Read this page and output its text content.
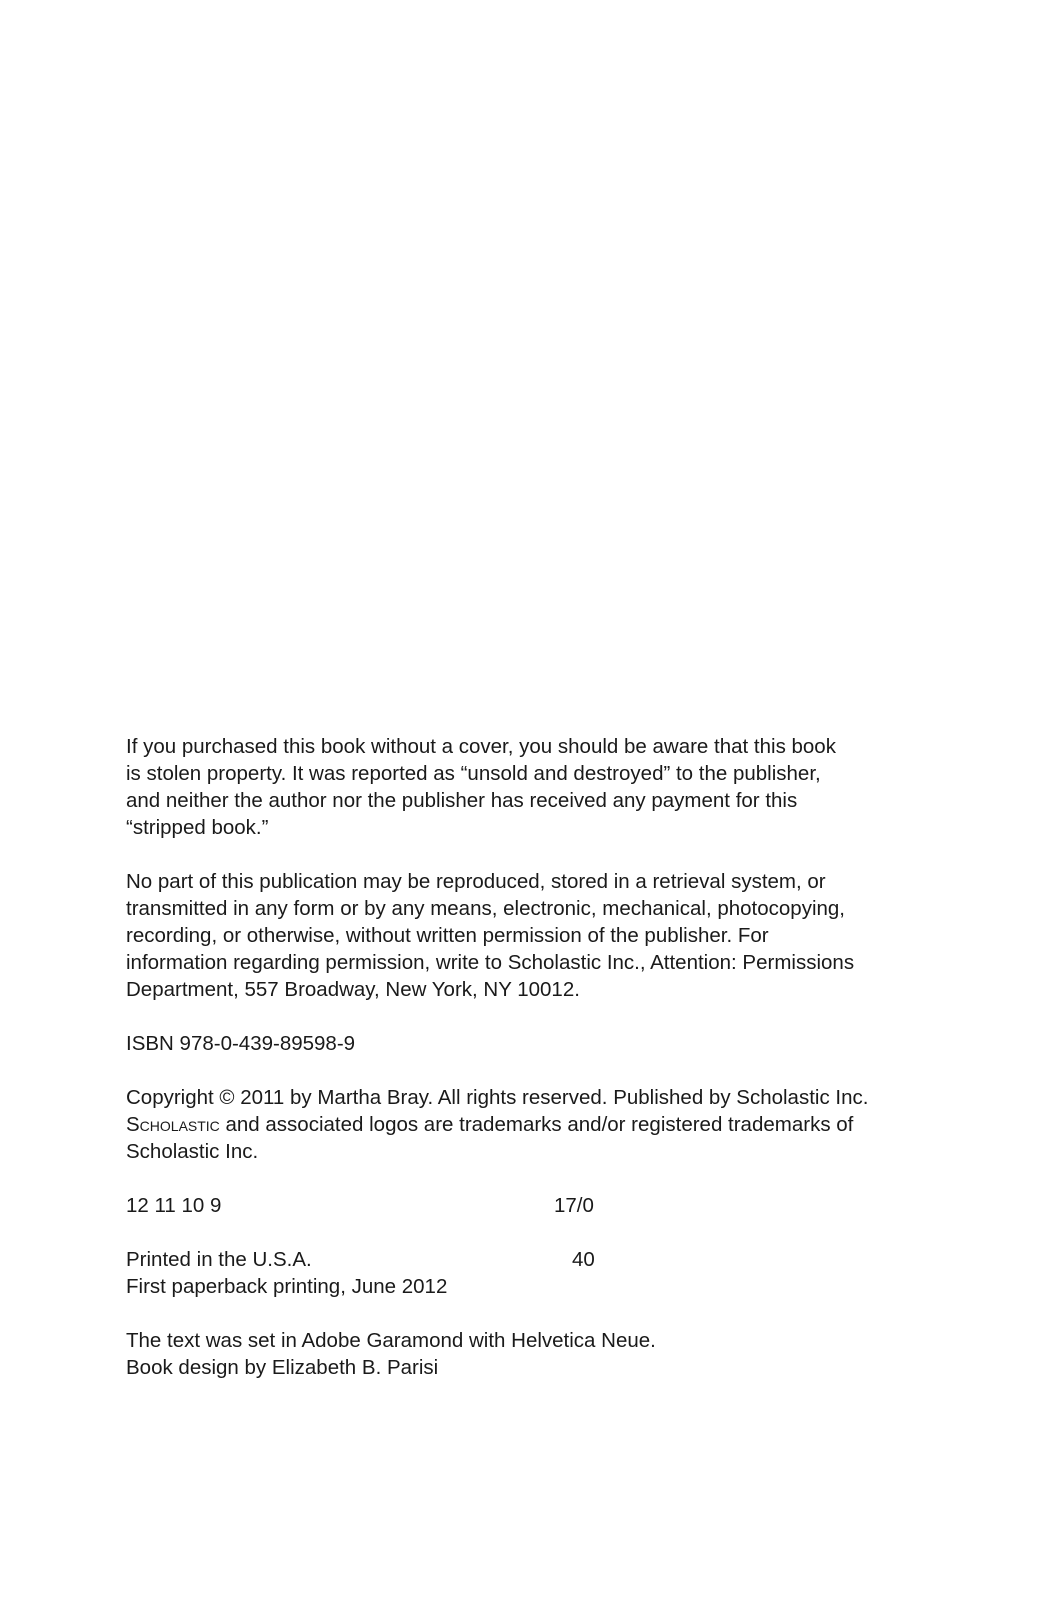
If you purchased this book without a cover, you should be aware that this book
is stolen property. It was reported as “unsold and destroyed” to the publisher,
and neither the author nor the publisher has received any payment for this
“stripped book.”
No part of this publication may be reproduced, stored in a retrieval system, or
transmitted in any form or by any means, electronic, mechanical, photocopying,
recording, or otherwise, without written permission of the publisher. For
information regarding permission, write to Scholastic Inc., Attention: Permissions
Department, 557 Broadway, New York, NY 10012.
ISBN 978-0-439-89598-9
Copyright © 2011 by Martha Bray. All rights reserved. Published by Scholastic Inc.
Scholastic and associated logos are trademarks and/or registered trademarks of
Scholastic Inc.
12 11 10 9	17/0
Printed in the U.S.A.	40
First paperback printing, June 2012
The text was set in Adobe Garamond with Helvetica Neue.
Book design by Elizabeth B. Parisi
